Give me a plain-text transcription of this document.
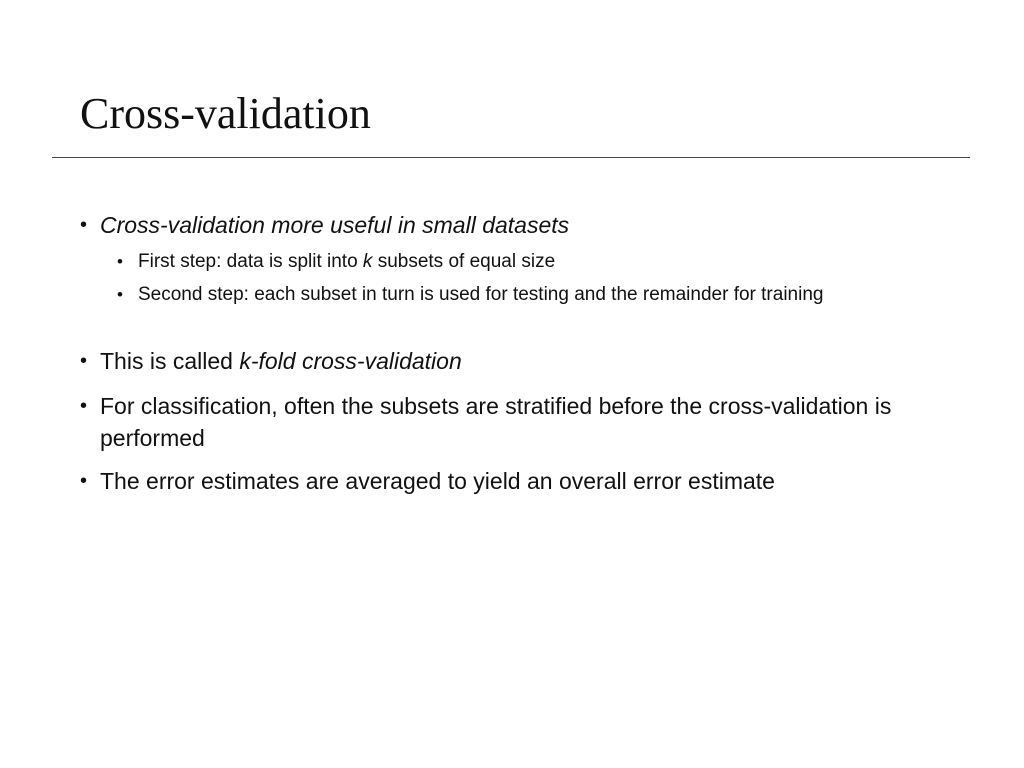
Cross-validation
• Cross-validation more useful in small datasets
• First step: data is split into k subsets of equal size
• Second step: each subset in turn is used for testing and the remainder for training
• This is called k-fold cross-validation
• For classification, often the subsets are stratified before the cross-validation is performed
• The error estimates are averaged to yield an overall error estimate
